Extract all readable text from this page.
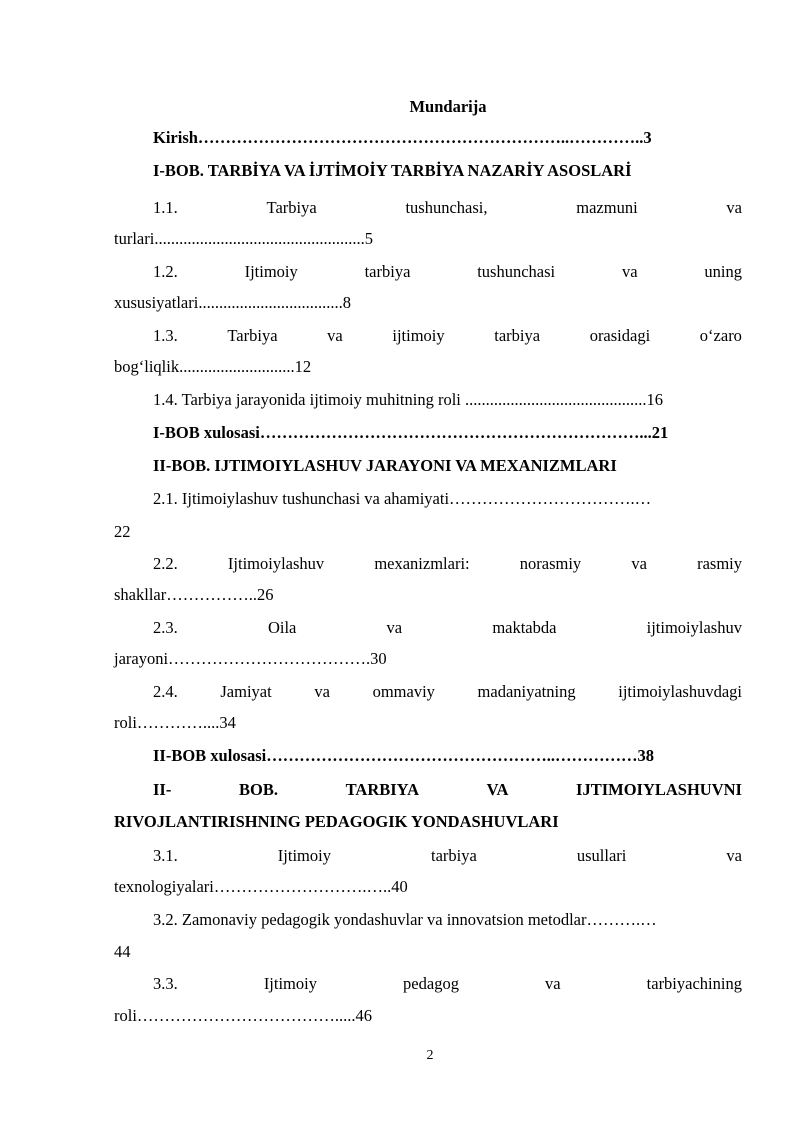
Mundarija
Kirish…………………………………………………………..…………..3
I-BOB. TARBİYA VA İJTİMOİY TARBİYA NAZARİY ASOSLARİ
1.1.	Tarbiya	tushunchasi,	mazmuni	va
turlari...................................................5
1.2.	Ijtimoiy	tarbiya	tushunchasi	va	uning
xususiyatlari...................................8
1.3.	Tarbiya	va	ijtimoiy	tarbiya	orasidagi	o‘zaro
bog‘liqlik............................12
1.4. Tarbiya jarayonida ijtimoiy muhitning roli ............................................16
I-BOB xulosasi……………………………………………………………...21
II-BOB. IJTIMOIYLASHUV JARAYONI VA MEXANIZMLARI
2.1. Ijtimoiylashuv tushunchasi va ahamiyati…………………………….…
22
2.2.	Ijtimoiylashuv	mexanizmlari:	norasmiy	va	rasmiy
shakllar……………..26
2.3.	Oila	va	maktabda	ijtimoiylashuv
jarayoni……………………………….30
2.4.	Jamiyat	va	ommaviy	madaniyatning	ijtimoiylashuvdagi
roli…………....34
II-BOB xulosasi……………………………………………..……………38
II-	BOB.	TARBIYA	VA	IJTIMOIYLASHUVNI
RIVOJLANTIRISHNING PEDAGOGIK YONDASHUVLARI
3.1.	Ijtimoiy	tarbiya	usullari	va
texnologiyalari……………………….…..40
3.2. Zamonaviy pedagogik yondashuvlar va innovatsion metodlar……….…
44
3.3.	Ijtimoiy	pedagog	va	tarbiyachining
roli……………………………….....46
2
